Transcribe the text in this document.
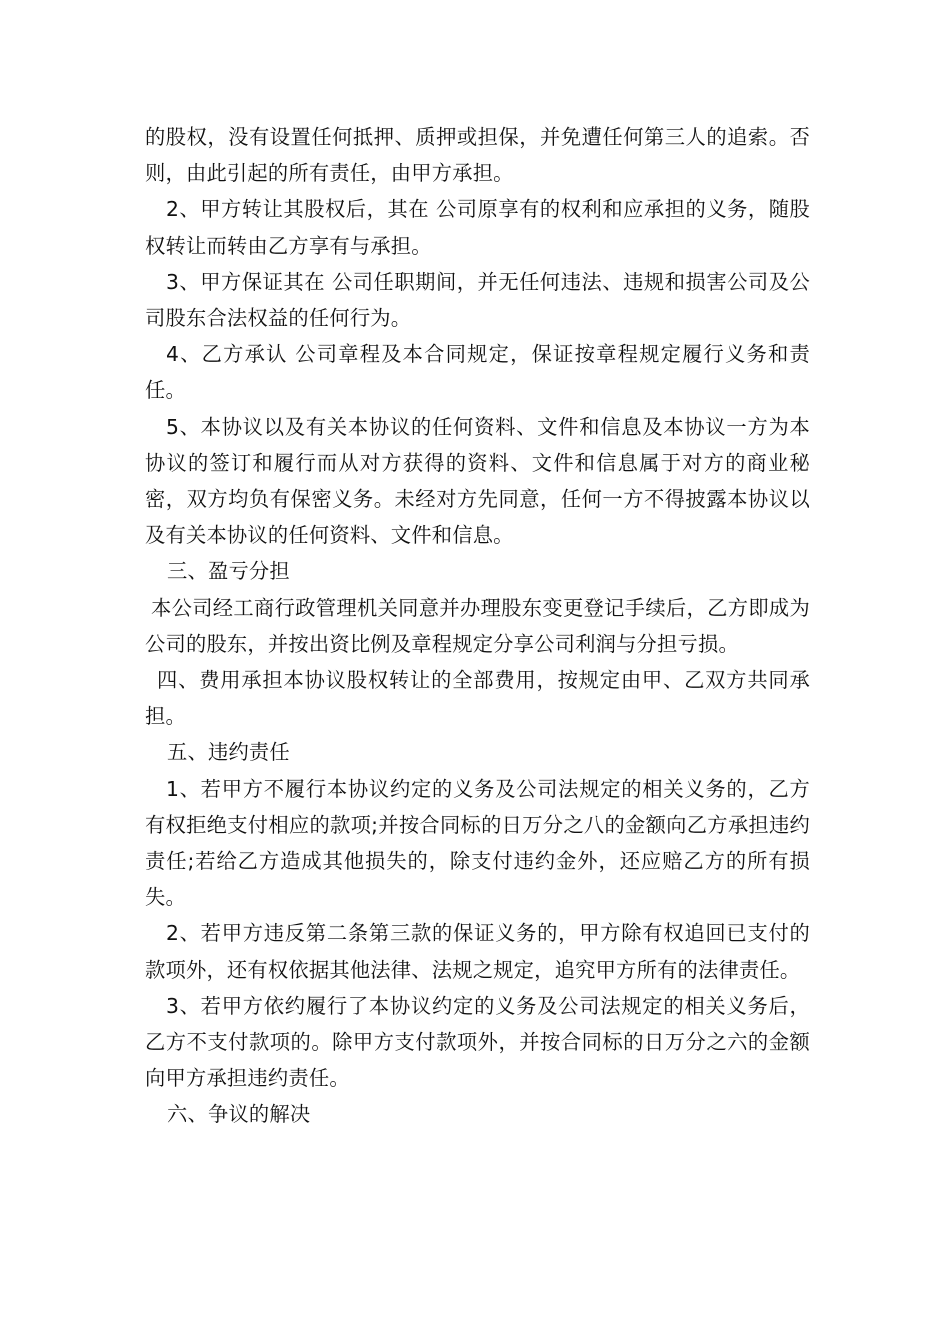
的股权，没有设置任何抵押、质押或担保，并免遭任何第三人的追索。否则，由此引起的所有责任，由甲方承担。

2、甲方转让其股权后，其在 公司原享有的权利和应承担的义务，随股权转让而转由乙方享有与承担。

3、甲方保证其在 公司任职期间，并无任何违法、违规和损害公司及公司股东合法权益的任何行为。

4、乙方承认 公司章程及本合同规定，保证按章程规定履行义务和责任。

5、本协议以及有关本协议的任何资料、文件和信息及本协议一方为本协议的签订和履行而从对方获得的资料、文件和信息属于对方的商业秘密，双方均负有保密义务。未经对方先同意，任何一方不得披露本协议以及有关本协议的任何资料、文件和信息。

三、盈亏分担

本公司经工商行政管理机关同意并办理股东变更登记手续后，乙方即成为 公司的股东，并按出资比例及章程规定分享公司利润与分担亏损。

四、费用承担本协议股权转让的全部费用，按规定由甲、乙双方共同承担。

五、违约责任

1、若甲方不履行本协议约定的义务及公司法规定的相关义务的，乙方有权拒绝支付相应的款项;并按合同标的日万分之八的金额向乙方承担违约责任;若给乙方造成其他损失的，除支付违约金外，还应赔乙方的所有损失。

2、若甲方违反第二条第三款的保证义务的，甲方除有权追回已支付的款项外，还有权依据其他法律、法规之规定，追究甲方所有的法律责任。

3、若甲方依约履行了本协议约定的义务及公司法规定的相关义务后，乙方不支付款项的。除甲方支付款项外，并按合同标的日万分之六的金额向甲方承担违约责任。

六、争议的解决
